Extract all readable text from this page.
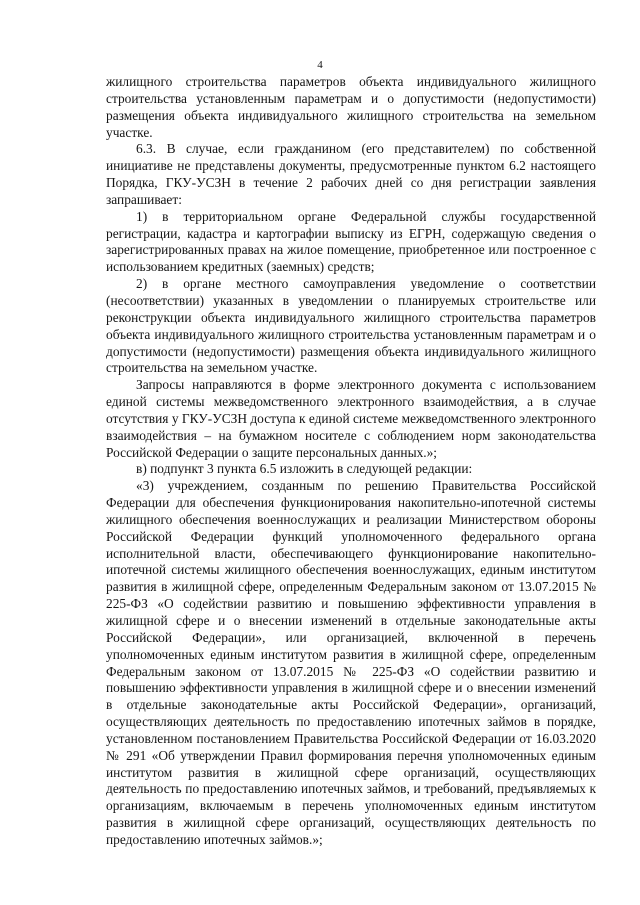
4

жилищного строительства параметров объекта индивидуального жилищного строительства установленным параметрам и о допустимости (недопустимости) размещения объекта индивидуального жилищного строительства на земельном участке.

6.3. В случае, если гражданином (его представителем) по собственной инициативе не представлены документы, предусмотренные пунктом 6.2 настоящего Порядка, ГКУ-УСЗН в течение 2 рабочих дней со дня регистрации заявления запрашивает:

1) в территориальном органе Федеральной службы государственной регистрации, кадастра и картографии выписку из ЕГРН, содержащую сведения о зарегистрированных правах на жилое помещение, приобретенное или построенное с использованием кредитных (заемных) средств;

2) в органе местного самоуправления уведомление о соответствии (несоответствии) указанных в уведомлении о планируемых строительстве или реконструкции объекта индивидуального жилищного строительства параметров объекта индивидуального жилищного строительства установленным параметрам и о допустимости (недопустимости) размещения объекта индивидуального жилищного строительства на земельном участке.

Запросы направляются в форме электронного документа с использованием единой системы межведомственного электронного взаимодействия, а в случае отсутствия у ГКУ-УСЗН доступа к единой системе межведомственного электронного взаимодействия – на бумажном носителе с соблюдением норм законодательства Российской Федерации о защите персональных данных.»;

в) подпункт 3 пункта 6.5 изложить в следующей редакции:

«3) учреждением, созданным по решению Правительства Российской Федерации для обеспечения функционирования накопительно-ипотечной системы жилищного обеспечения военнослужащих и реализации Министерством обороны Российской Федерации функций уполномоченного федерального органа исполнительной власти, обеспечивающего функционирование накопительно-ипотечной системы жилищного обеспечения военнослужащих, единым институтом развития в жилищной сфере, определенным Федеральным законом от 13.07.2015 № 225-ФЗ «О содействии развитию и повышению эффективности управления в жилищной сфере и о внесении изменений в отдельные законодательные акты Российской Федерации», или организацией, включенной в перечень уполномоченных единым институтом развития в жилищной сфере, определенным Федеральным законом от 13.07.2015 № 225-ФЗ «О содействии развитию и повышению эффективности управления в жилищной сфере и о внесении изменений в отдельные законодательные акты Российской Федерации», организаций, осуществляющих деятельность по предоставлению ипотечных займов в порядке, установленном постановлением Правительства Российской Федерации от 16.03.2020 № 291 «Об утверждении Правил формирования перечня уполномоченных единым институтом развития в жилищной сфере организаций, осуществляющих деятельность по предоставлению ипотечных займов, и требований, предъявляемых к организациям, включаемым в перечень уполномоченных единым институтом развития в жилищной сфере организаций, осуществляющих деятельность по предоставлению ипотечных займов.»;
